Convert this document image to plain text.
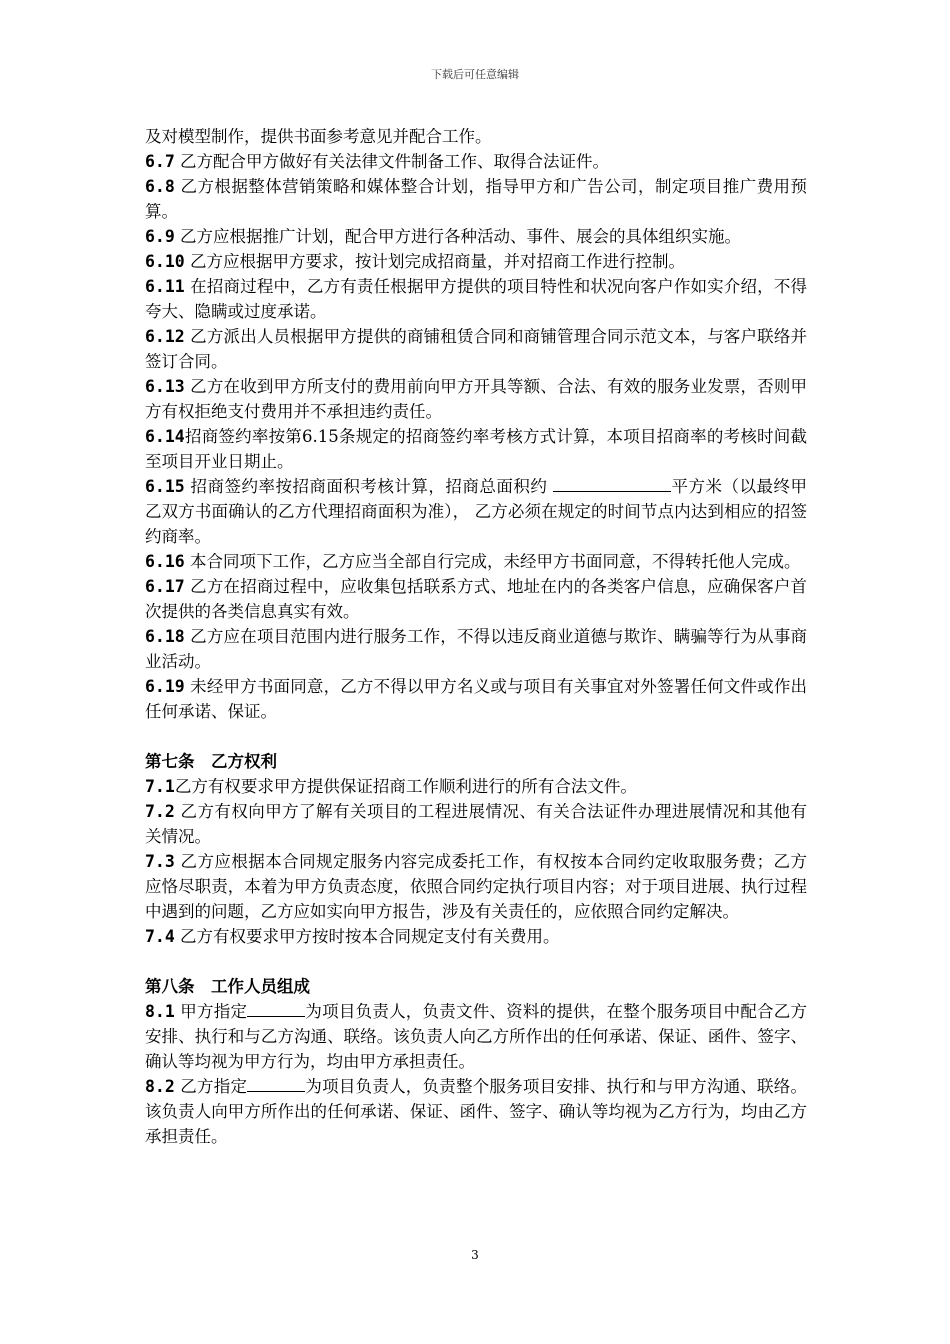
下载后可任意编辑

及对模型制作，提供书面参考意见并配合工作。

6.7 乙方配合甲方做好有关法律文件制备工作、取得合法证件。

6.8 乙方根据整体营销策略和媒体整合计划，指导甲方和广告公司，制定项目推广费用预算。

6.9 乙方应根据推广计划，配合甲方进行各种活动、事件、展会的具体组织实施。

6.10 乙方应根据甲方要求，按计划完成招商量，并对招商工作进行控制。

6.11 在招商过程中，乙方有责任根据甲方提供的项目特性和状况向客户作如实介绍，不得夸大、隐瞒或过度承诺。

6.12 乙方派出人员根据甲方提供的商铺租赁合同和商铺管理合同示范文本，与客户联络并签订合同。

6.13 乙方在收到甲方所支付的费用前向甲方开具等额、合法、有效的服务业发票，否则甲方有权拒绝支付费用并不承担违约责任。

6.14招商签约率按第6.15条规定的招商签约率考核方式计算，本项目招商率的考核时间截至项目开业日期止。

6.15 招商签约率按招商面积考核计算，招商总面积约	平方米（以最终甲乙双方书面确认的乙方代理招商面积为准）， 乙方必须在规定的时间节点内达到相应的招签约商率。

6.16 本合同项下工作，乙方应当全部自行完成，未经甲方书面同意，不得转托他人完成。

6.17 乙方在招商过程中，应收集包括联系方式、地址在内的各类客户信息，应确保客户首次提供的各类信息真实有效。

6.18 乙方应在项目范围内进行服务工作，不得以违反商业道德与欺诈、瞒骗等行为从事商业活动。

6.19 未经甲方书面同意，乙方不得以甲方名义或与项目有关事宜对外签署任何文件或作出任何承诺、保证。

第七条　乙方权利

7.1乙方有权要求甲方提供保证招商工作顺利进行的所有合法文件。

7.2 乙方有权向甲方了解有关项目的工程进展情况、有关合法证件办理进展情况和其他有关情况。

7.3 乙方应根据本合同规定服务内容完成委托工作，有权按本合同约定收取服务费；乙方应恪尽职责，本着为甲方负责态度，依照合同约定执行项目内容；对于项目进展、执行过程中遇到的问题，乙方应如实向甲方报告，涉及有关责任的，应依照合同约定解决。

7.4 乙方有权要求甲方按时按本合同规定支付有关费用。

第八条　工作人员组成

8.1 甲方指定	为项目负责人，负责文件、资料的提供，在整个服务项目中配合乙方安排、执行和与乙方沟通、联络。该负责人向乙方所作出的任何承诺、保证、函件、签字、确认等均视为甲方行为，均由甲方承担责任。

8.2 乙方指定	为项目负责人，负责整个服务项目安排、执行和与甲方沟通、联络。该负责人向甲方所作出的任何承诺、保证、函件、签字、确认等均视为乙方行为，均由乙方承担责任。

3
